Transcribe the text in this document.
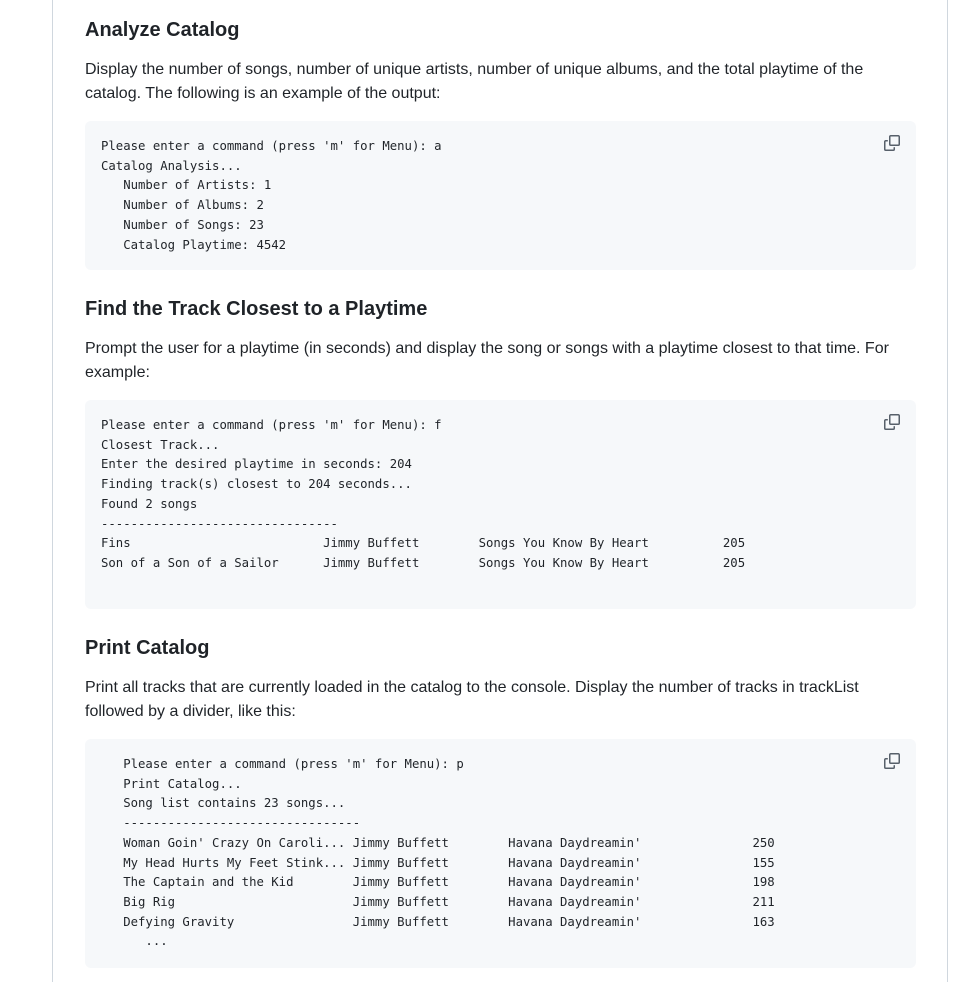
Analyze Catalog

Display the number of songs, number of unique artists, number of unique albums, and the total playtime of the catalog. The following is an example of the output:

Please enter a command (press 'm' for Menu): a
Catalog Analysis...
Number of Artists: 1
Number of Albums: 2
Number of Songs: 23
Catalog Playtime: 4542
Find the Track Closest to a Playtime

Prompt the user for a playtime (in seconds) and display the song or songs with a playtime closest to that time. For example:

Please enter a command (press 'm' for Menu): f
Closest Track...
Enter the desired playtime in seconds: 204
Finding track(s) closest to 204 seconds...
Found 2 songs
--------------------------------
Fins                          Jimmy Buffett        Songs You Know By Heart          205
Son of a Son of a Sailor      Jimmy Buffett        Songs You Know By Heart          205
Print Catalog

Print all tracks that are currently loaded in the catalog to the console. Display the number of tracks in trackList followed by a divider, like this:

Please enter a command (press 'm' for Menu): p
Print Catalog...
Song list contains 23 songs...
--------------------------------
Woman Goin' Crazy On Caroli... Jimmy Buffett        Havana Daydreamin'               250
My Head Hurts My Feet Stink... Jimmy Buffett        Havana Daydreamin'               155
The Captain and the Kid        Jimmy Buffett        Havana Daydreamin'               198
Big Rig                        Jimmy Buffett        Havana Daydreamin'               211
Defying Gravity                Jimmy Buffett        Havana Daydreamin'               163
...
